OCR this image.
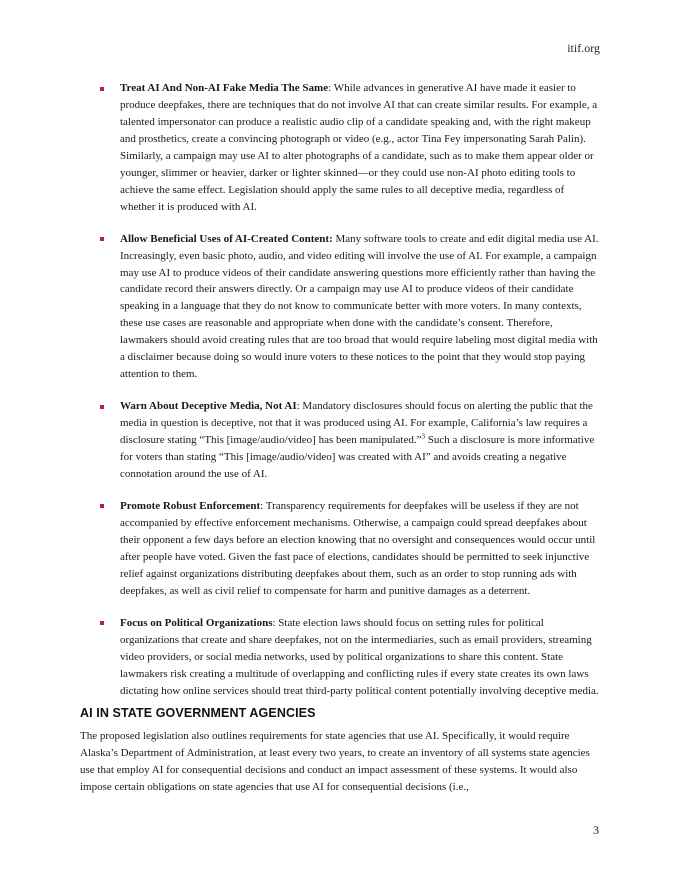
itif.org
Treat AI And Non-AI Fake Media The Same: While advances in generative AI have made it easier to produce deepfakes, there are techniques that do not involve AI that can create similar results. For example, a talented impersonator can produce a realistic audio clip of a candidate speaking and, with the right makeup and prosthetics, create a convincing photograph or video (e.g., actor Tina Fey impersonating Sarah Palin). Similarly, a campaign may use AI to alter photographs of a candidate, such as to make them appear older or younger, slimmer or heavier, darker or lighter skinned—or they could use non-AI photo editing tools to achieve the same effect. Legislation should apply the same rules to all deceptive media, regardless of whether it is produced with AI.
Allow Beneficial Uses of AI-Created Content: Many software tools to create and edit digital media use AI. Increasingly, even basic photo, audio, and video editing will involve the use of AI. For example, a campaign may use AI to produce videos of their candidate answering questions more efficiently rather than having the candidate record their answers directly. Or a campaign may use AI to produce videos of their candidate speaking in a language that they do not know to communicate better with more voters. In many contexts, these use cases are reasonable and appropriate when done with the candidate’s consent. Therefore, lawmakers should avoid creating rules that are too broad that would require labeling most digital media with a disclaimer because doing so would inure voters to these notices to the point that they would stop paying attention to them.
Warn About Deceptive Media, Not AI: Mandatory disclosures should focus on alerting the public that the media in question is deceptive, not that it was produced using AI. For example, California’s law requires a disclosure stating “This [image/audio/video] has been manipulated.”$^3$ Such a disclosure is more informative for voters than stating “This [image/audio/video] was created with AI” and avoids creating a negative connotation around the use of AI.
Promote Robust Enforcement: Transparency requirements for deepfakes will be useless if they are not accompanied by effective enforcement mechanisms. Otherwise, a campaign could spread deepfakes about their opponent a few days before an election knowing that no oversight and consequences would occur until after people have voted. Given the fast pace of elections, candidates should be permitted to seek injunctive relief against organizations distributing deepfakes about them, such as an order to stop running ads with deepfakes, as well as civil relief to compensate for harm and punitive damages as a deterrent.
Focus on Political Organizations: State election laws should focus on setting rules for political organizations that create and share deepfakes, not on the intermediaries, such as email providers, streaming video providers, or social media networks, used by political organizations to share this content. State lawmakers risk creating a multitude of overlapping and conflicting rules if every state creates its own laws dictating how online services should treat third-party political content potentially involving deceptive media.
AI IN STATE GOVERNMENT AGENCIES

The proposed legislation also outlines requirements for state agencies that use AI. Specifically, it would require Alaska’s Department of Administration, at least every two years, to create an inventory of all systems state agencies use that employ AI for consequential decisions and conduct an impact assessment of these systems. It would also impose certain obligations on state agencies that use AI for consequential decisions (i.e.,

3
